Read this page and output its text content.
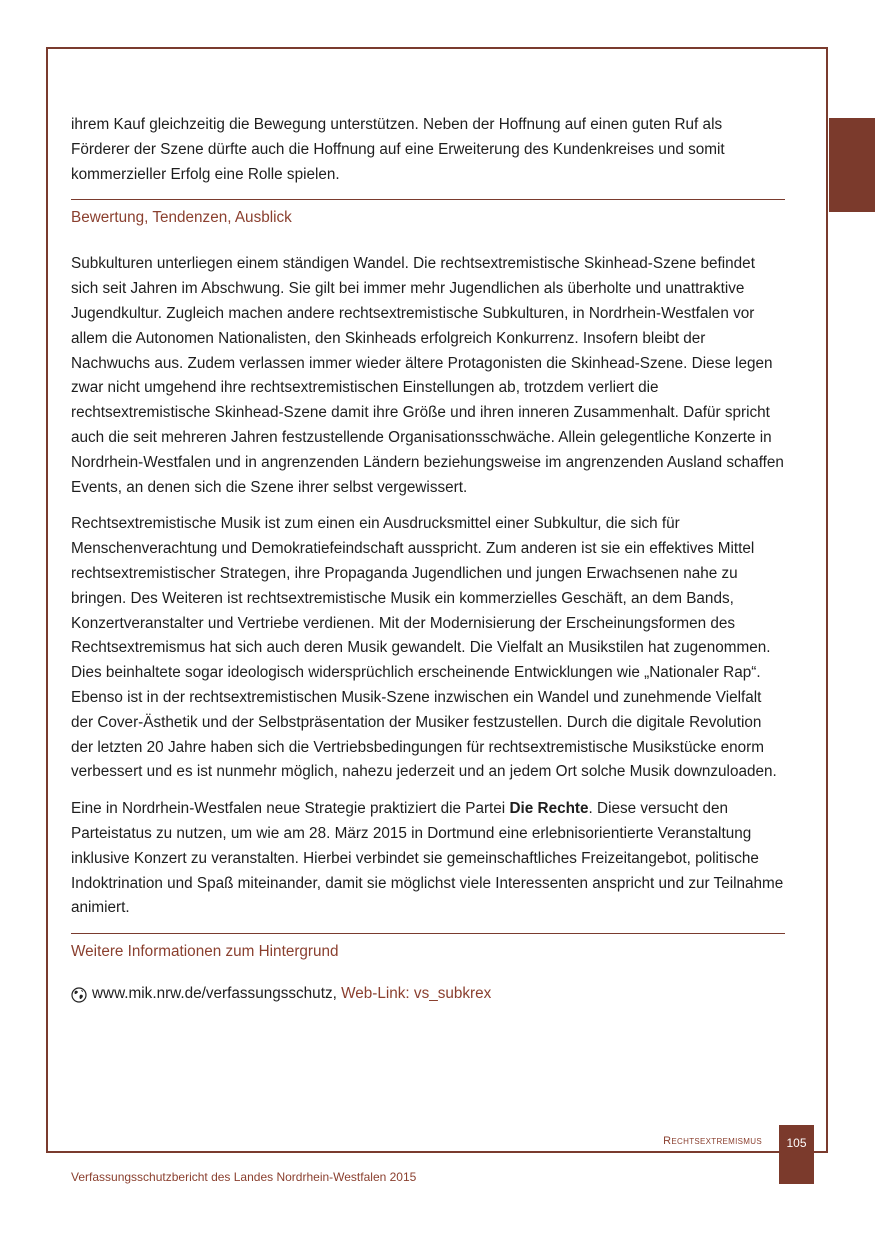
ihrem Kauf gleichzeitig die Bewegung unterstützen. Neben der Hoffnung auf einen guten Ruf als Förderer der Szene dürfte auch die Hoffnung auf eine Erweiterung des Kundenkreises und somit kommerzieller Erfolg eine Rolle spielen.

Bewertung, Tendenzen, Ausblick

Subkulturen unterliegen einem ständigen Wandel. Die rechtsextremistische Skinhead-Szene befindet sich seit Jahren im Abschwung. Sie gilt bei immer mehr Jugendlichen als überholte und unattraktive Jugendkultur. Zugleich machen andere rechtsextremistische Subkulturen, in Nordrhein-Westfalen vor allem die Autonomen Nationalisten, den Skinheads erfolgreich Konkurrenz. Insofern bleibt der Nachwuchs aus. Zudem verlassen immer wieder ältere Protagonisten die Skinhead-Szene. Diese legen zwar nicht umgehend ihre rechtsextremistischen Einstellungen ab, trotzdem verliert die rechtsextremistische Skinhead-Szene damit ihre Größe und ihren inneren Zusammenhalt. Dafür spricht auch die seit mehreren Jahren festzustellende Organisationsschwäche. Allein gelegentliche Konzerte in Nordrhein-Westfalen und in angrenzenden Ländern beziehungsweise im angrenzenden Ausland schaffen Events, an denen sich die Szene ihrer selbst vergewissert.

Rechtsextremistische Musik ist zum einen ein Ausdrucksmittel einer Subkultur, die sich für Menschenverachtung und Demokratiefeindschaft ausspricht. Zum anderen ist sie ein effektives Mittel rechtsextremistischer Strategen, ihre Propaganda Jugendlichen und jungen Erwachsenen nahe zu bringen. Des Weiteren ist rechtsextremistische Musik ein kommerzielles Geschäft, an dem Bands, Konzertveranstalter und Vertriebe verdienen. Mit der Modernisierung der Erscheinungsformen des Rechtsextremismus hat sich auch deren Musik gewandelt. Die Vielfalt an Musikstilen hat zugenommen. Dies beinhaltete sogar ideologisch widersprüchlich erscheinende Entwicklungen wie „Nationaler Rap“. Ebenso ist in der rechtsextremistischen Musik-Szene inzwischen ein Wandel und zunehmende Vielfalt der Cover-Ästhetik und der Selbstpräsentation der Musiker festzustellen. Durch die digitale Revolution der letzten 20 Jahre haben sich die Vertriebsbedingungen für rechtsextremistische Musikstücke enorm verbessert und es ist nunmehr möglich, nahezu jederzeit und an jedem Ort solche Musik downzuloaden.

Eine in Nordrhein-Westfalen neue Strategie praktiziert die Partei Die Rechte. Diese versucht den Parteistatus zu nutzen, um wie am 28. März 2015 in Dortmund eine erlebnisorientierte Veranstaltung inklusive Konzert zu veranstalten. Hierbei verbindet sie gemeinschaftliches Freizeitangebot, politische Indoktrination und Spaß miteinander, damit sie möglichst viele Interessenten anspricht und zur Teilnahme animiert.

Weitere Informationen zum Hintergrund
www.mik.nrw.de/verfassungsschutz,
Web-Link: vs_subkrex
Rechtsextremismus	105
Verfassungsschutzbericht des Landes Nordrhein-Westfalen 2015
